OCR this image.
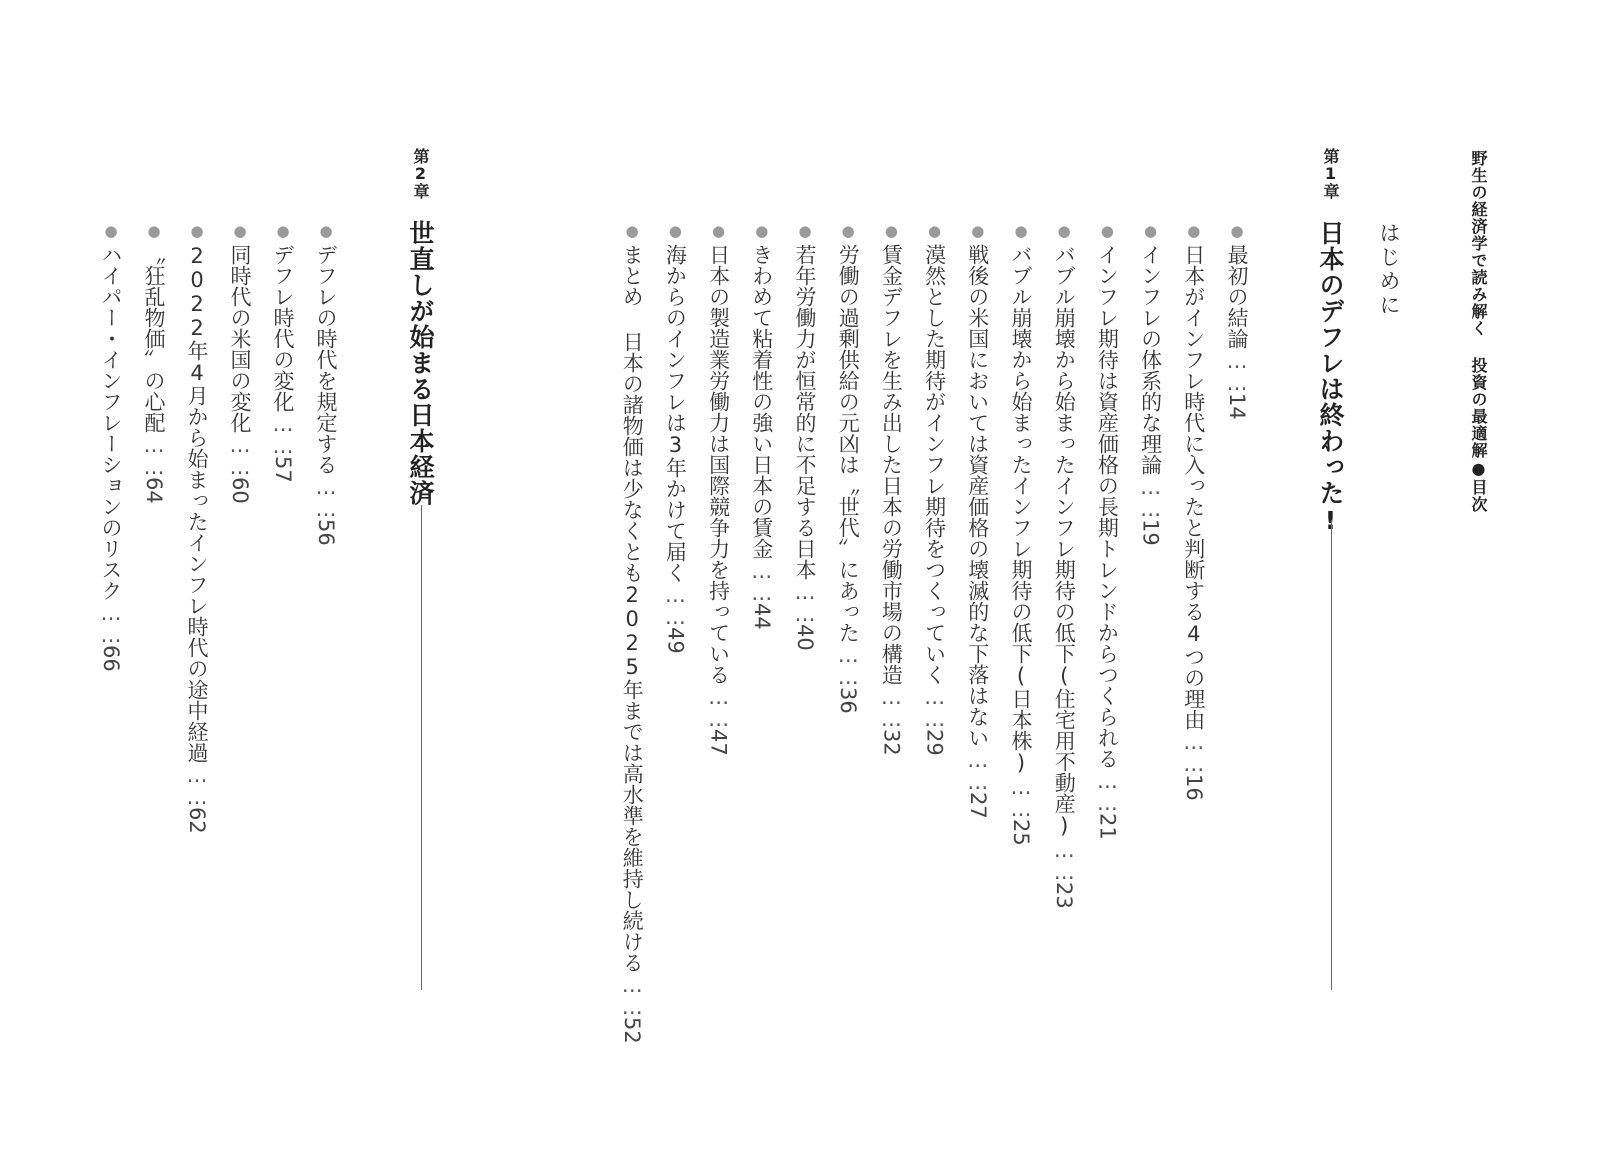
野生の経済学で読み解く 投資の最適解●目次
はじめに
第1章
日本のデフレは終わった!
●最初の結論……14
●日本がインフレ時代に入ったと判断する4つの理由……16
●インフレの体系的な理論……19
●インフレ期待は資産価格の長期トレンドからつくられる……21
●バブル崩壊から始まったインフレ期待の低下(住宅用不動産)……23
●バブル崩壊から始まったインフレ期待の低下(日本株)……25
●戦後の米国においては資産価格の壊滅的な下落はない……27
●漠然とした期待がインフレ期待をつくっていく……29
●賃金デフレを生み出した日本の労働市場の構造……32
●労働の過剰供給の元凶は〝世代〟にあった……36
●若年労働力が恒常的に不足する日本……40
●きわめて粘着性の強い日本の賃金……44
●日本の製造業労働力は国際競争力を持っている……47
●海からのインフレは3年かけて届く……49
●まとめ 日本の諸物価は少なくとも2025年までは高水準を維持し続ける……52
第2章
世直しが始まる日本経済
●デフレの時代を規定する……56
●デフレ時代の変化……57
●同時代の米国の変化……60
●2022年4月から始まったインフレ時代の途中経過……62
●〝狂乱物価〟の心配……64
●ハイパー・インフレーションのリスク……66
